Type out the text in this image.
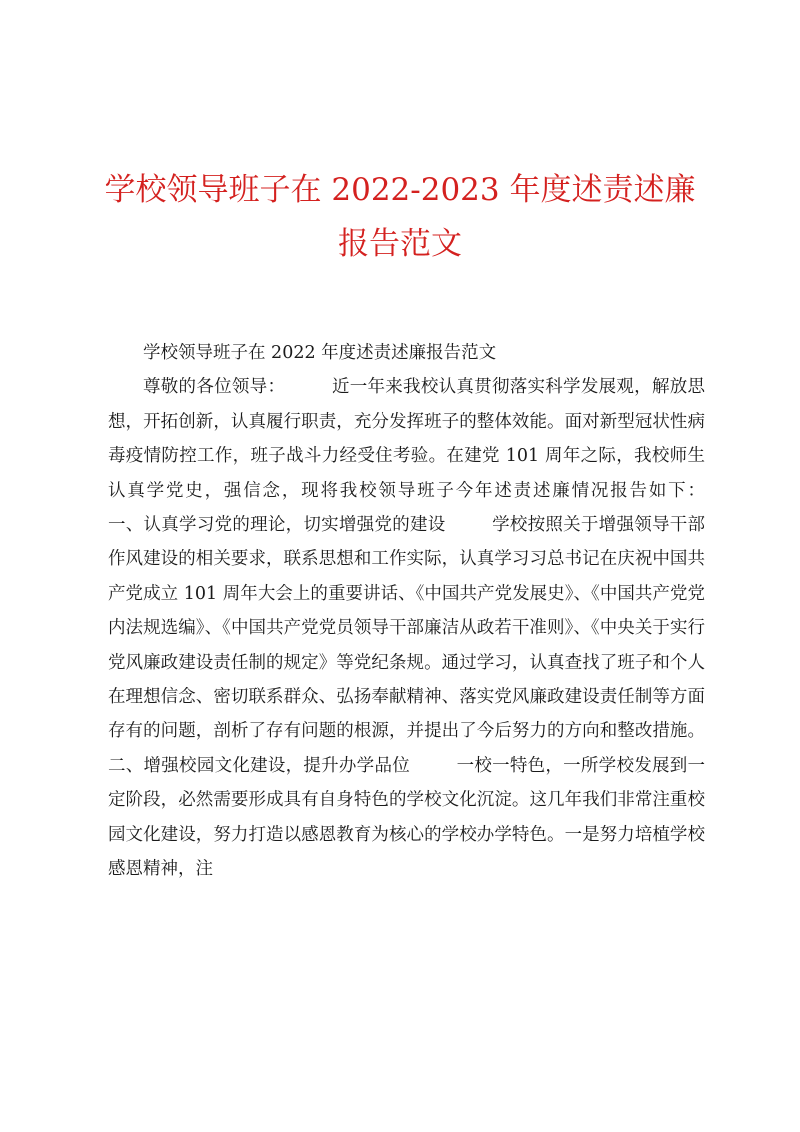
学校领导班子在 2022-2023 年度述责述廉报告范文

学校领导班子在 2022 年度述责述廉报告范文

尊敬的各位领导：	近一年来我校认真贯彻落实科学发展观，解放思想，开拓创新，认真履行职责，充分发挥班子的整体效能。面对新型冠状性病毒疫情防控工作，班子战斗力经受住考验。在建党 101 周年之际，我校师生认真学党史，强信念，现将我校领导班子今年述责述廉情况报告如下：        一、认真学习党的理论，切实增强党的建设	学校按照关于增强领导干部作风建设的相关要求，联系思想和工作实际，认真学习习总书记在庆祝中国共产党成立 101 周年大会上的重要讲话、《中国共产党发展史》、《中国共产党党内法规选编》、《中国共产党党员领导干部廉洁从政若干准则》、《中央关于实行党风廉政建设责任制的规定》等党纪条规。通过学习，认真查找了班子和个人在理想信念、密切联系群众、弘扬奉献精神、落实党风廉政建设责任制等方面存有的问题，剖析了存有问题的根源，并提出了今后努力的方向和整改措施。        二、增强校园文化建设，提升办学品位	一校一特色，一所学校发展到一定阶段，必然需要形成具有自身特色的学校文化沉淀。这几年我们非常注重校园文化建设，努力打造以感恩教育为核心的学校办学特色。一是努力培植学校感恩精神，注
